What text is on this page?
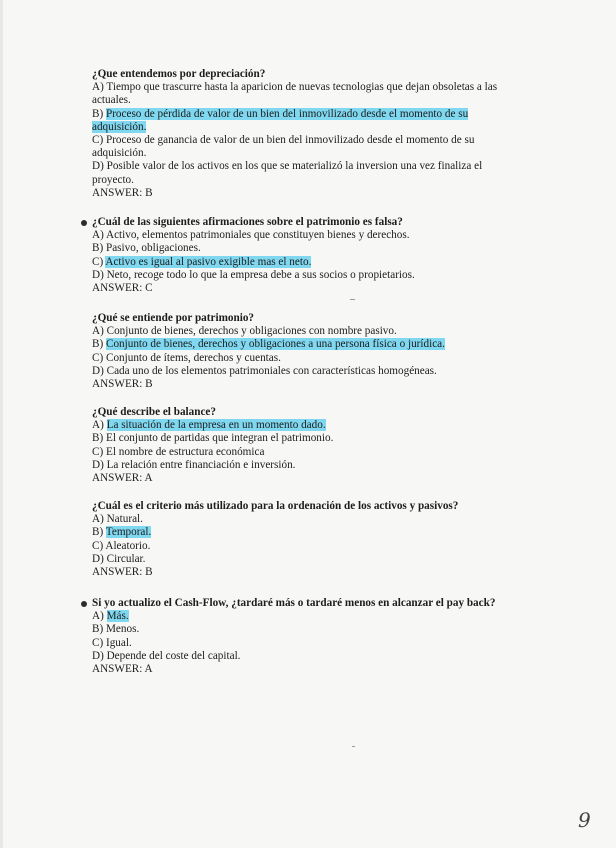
¿Que entendemos por depreciación?
A) Tiempo que trascurre hasta la aparicion de nuevas tecnologias que dejan obsoletas a las actuales.
B) Proceso de pérdida de valor de un bien del inmovilizado desde el momento de su adquisición.
C) Proceso de ganancia de valor de un bien del inmovilizado desde el momento de su adquisición.
D) Posible valor de los activos en los que se materializó la inversion una vez finaliza el proyecto.
ANSWER: B
¿Cuál de las siguientes afirmaciones sobre el patrimonio es falsa?
A) Activo, elementos patrimoniales que constituyen bienes y derechos.
B) Pasivo, obligaciones.
C) Activo es igual al pasivo exigible mas el neto.
D) Neto, recoge todo lo que la empresa debe a sus socios o propietarios.
ANSWER: C
¿Qué se entiende por patrimonio?
A) Conjunto de bienes, derechos y obligaciones con nombre pasivo.
B) Conjunto de bienes, derechos y obligaciones a una persona física o jurídica.
C) Conjunto de ítems, derechos y cuentas.
D) Cada uno de los elementos patrimoniales con características homogéneas.
ANSWER: B
¿Qué describe el balance?
A) La situación de la empresa en un momento dado.
B) El conjunto de partidas que integran el patrimonio.
C) El nombre de estructura económica
D) La relación entre financiación e inversión.
ANSWER: A
¿Cuál es el criterio más utilizado para la ordenación de los activos y pasivos?
A) Natural.
B) Temporal.
C) Aleatorio.
D) Circular.
ANSWER: B
Si yo actualizo el Cash-Flow, ¿tardaré más o tardaré menos en alcanzar el pay back?
A) Más.
B) Menos.
C) Igual.
D) Depende del coste del capital.
ANSWER: A
9
